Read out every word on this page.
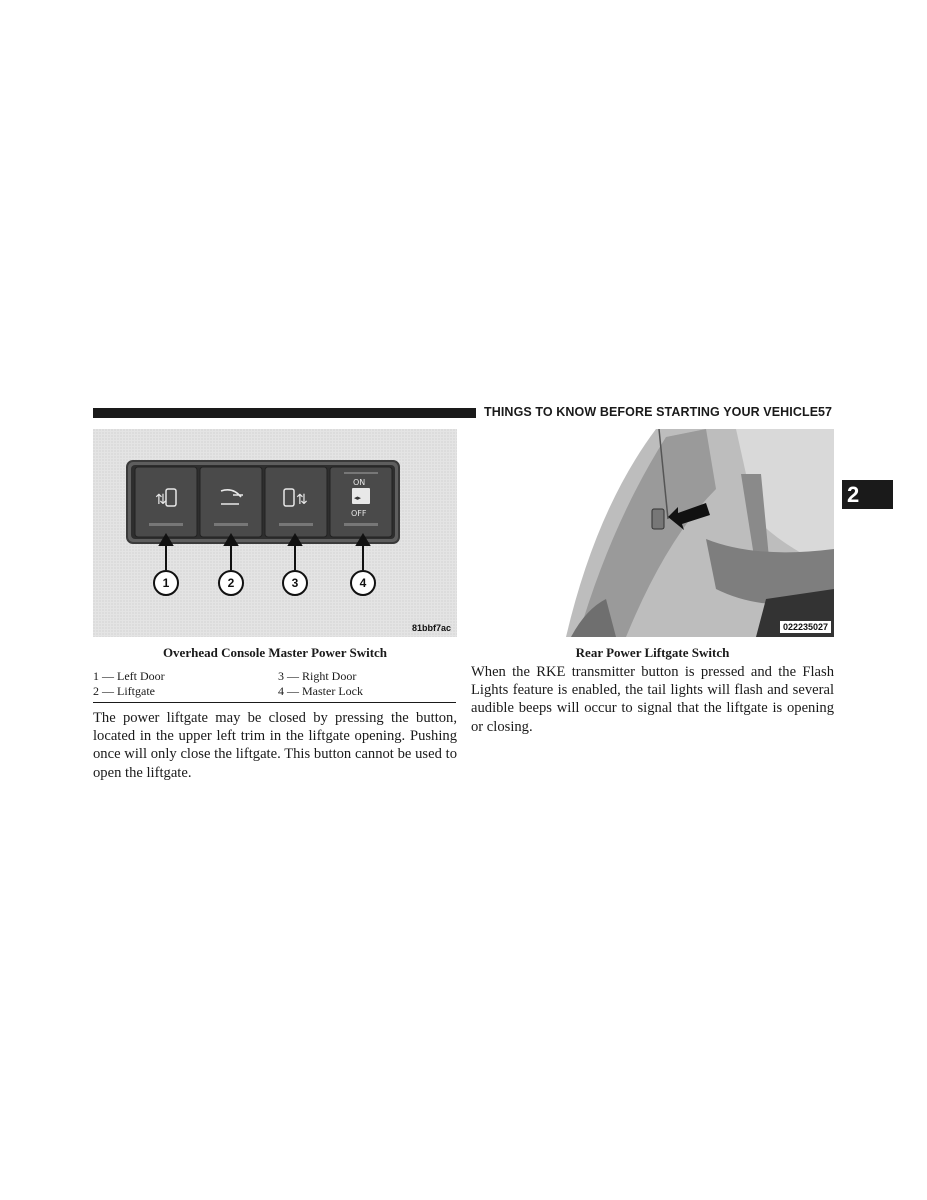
THINGS TO KNOW BEFORE STARTING YOUR VEHICLE 57
2
⇅	⇅
ON
◂▸
OFF
1	2	3	4
81bbf7ac	022235027
Overhead Console Master Power Switch	Rear Power Liftgate Switch
1 — Left Door	3 — Right Door
2 — Liftgate	4 — Master Lock

The power liftgate may be closed by pressing the button, located in the upper left trim in the liftgate opening. Pushing once will only close the liftgate. This button cannot be used to open the liftgate.

When the RKE transmitter button is pressed and the Flash Lights feature is enabled, the tail lights will flash and several audible beeps will occur to signal that the liftgate is opening or closing.
